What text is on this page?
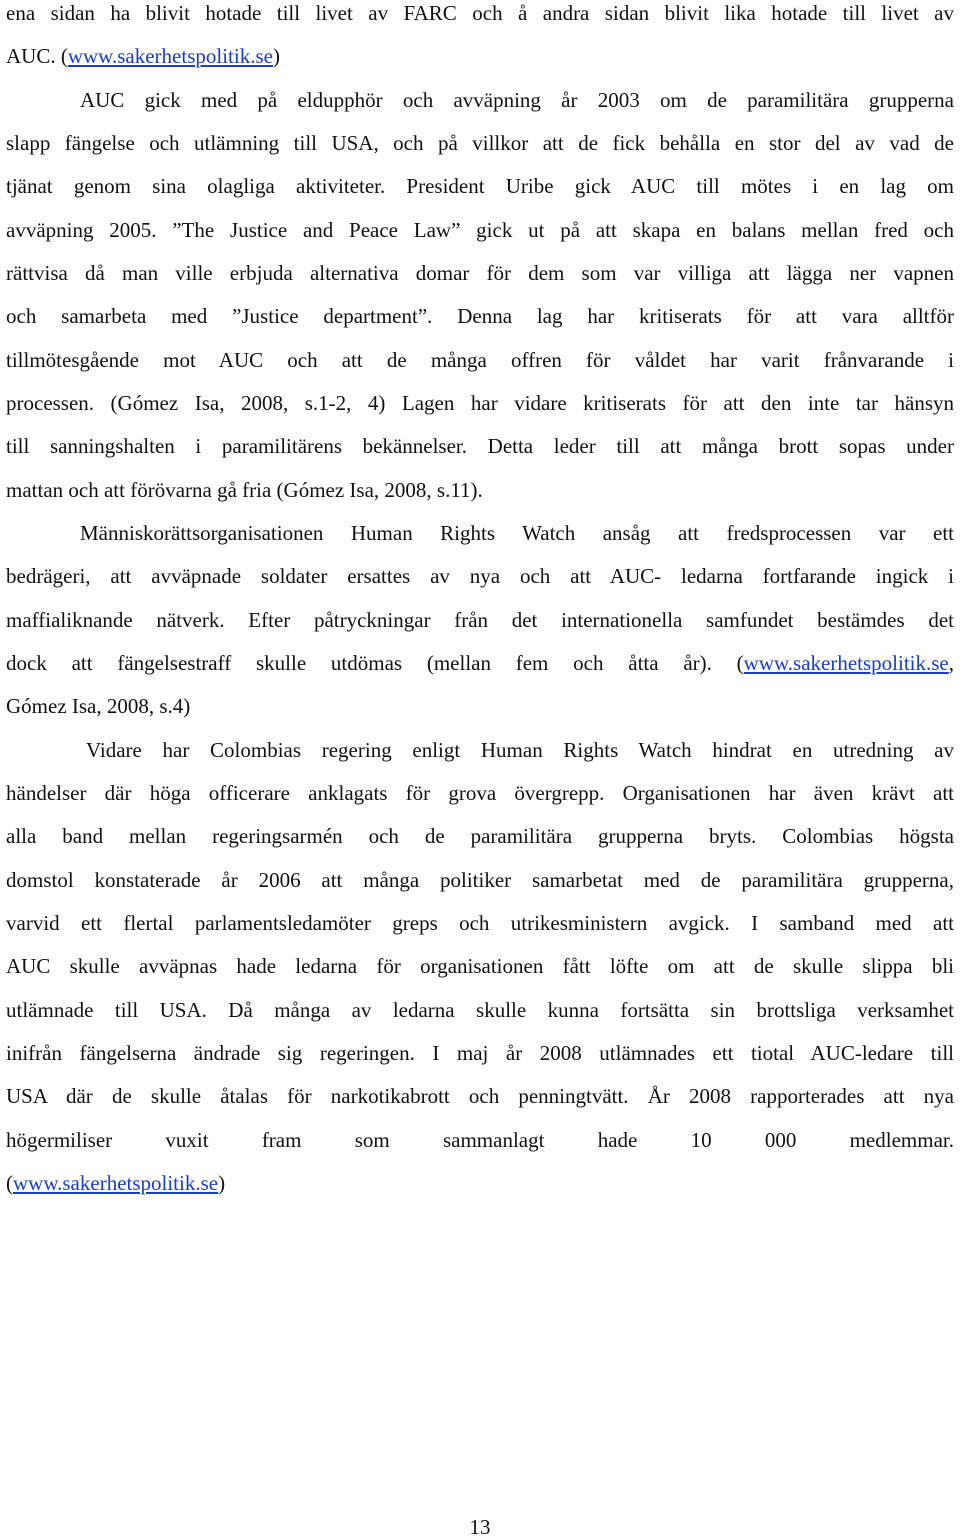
ena sidan ha blivit hotade till livet av FARC och å andra sidan blivit lika hotade till livet av
AUC. (www.sakerhetspolitik.se)
AUC gick med på eldupphör och avväpning år 2003 om de paramilitära grupperna
slapp fängelse och utlämning till USA, och på villkor att de fick behålla en stor del av vad de
tjänat genom sina olagliga aktiviteter. President Uribe gick AUC till mötes i en lag om
avväpning 2005. ”The Justice and Peace Law” gick ut på att skapa en balans mellan fred och
rättvisa då man ville erbjuda alternativa domar för dem som var villiga att lägga ner vapnen
och samarbeta med ”Justice department”. Denna lag har kritiserats för att vara alltför
tillmötesgående mot AUC och att de många offren för våldet har varit frånvarande i
processen. (Gómez Isa, 2008, s.1-2, 4) Lagen har vidare kritiserats för att den inte tar hänsyn
till sanningshalten i paramilitärens bekännelser. Detta leder till att många brott sopas under
mattan och att förövarna gå fria (Gómez Isa, 2008, s.11).
Människorättsorganisationen Human Rights Watch ansåg att fredsprocessen var ett
bedrägeri, att avväpnade soldater ersattes av nya och att AUC- ledarna fortfarande ingick i
maffialiknande nätverk. Efter påtryckningar från det internationella samfundet bestämdes det
dock att fängelsestraff skulle utdömas (mellan fem och åtta år). (www.sakerhetspolitik.se,
Gómez Isa, 2008, s.4)
Vidare har Colombias regering enligt Human Rights Watch hindrat en utredning av
händelser där höga officerare anklagats för grova övergrepp. Organisationen har även krävt att
alla band mellan regeringsarmén och de paramilitära grupperna bryts. Colombias högsta
domstol konstaterade år 2006 att många politiker samarbetat med de paramilitära grupperna,
varvid ett flertal parlamentsledamöter greps och utrikesministern avgick. I samband med att
AUC skulle avväpnas hade ledarna för organisationen fått löfte om att de skulle slippa bli
utlämnade till USA. Då många av ledarna skulle kunna fortsätta sin brottsliga verksamhet
inifrån fängelserna ändrade sig regeringen. I maj år 2008 utlämnades ett tiotal AUC-ledare till
USA där de skulle åtalas för narkotikabrott och penningtvätt. År 2008 rapporterades att nya
högermiliser vuxit fram som sammanlagt hade 10 000 medlemmar.
(www.sakerhetspolitik.se)
13
